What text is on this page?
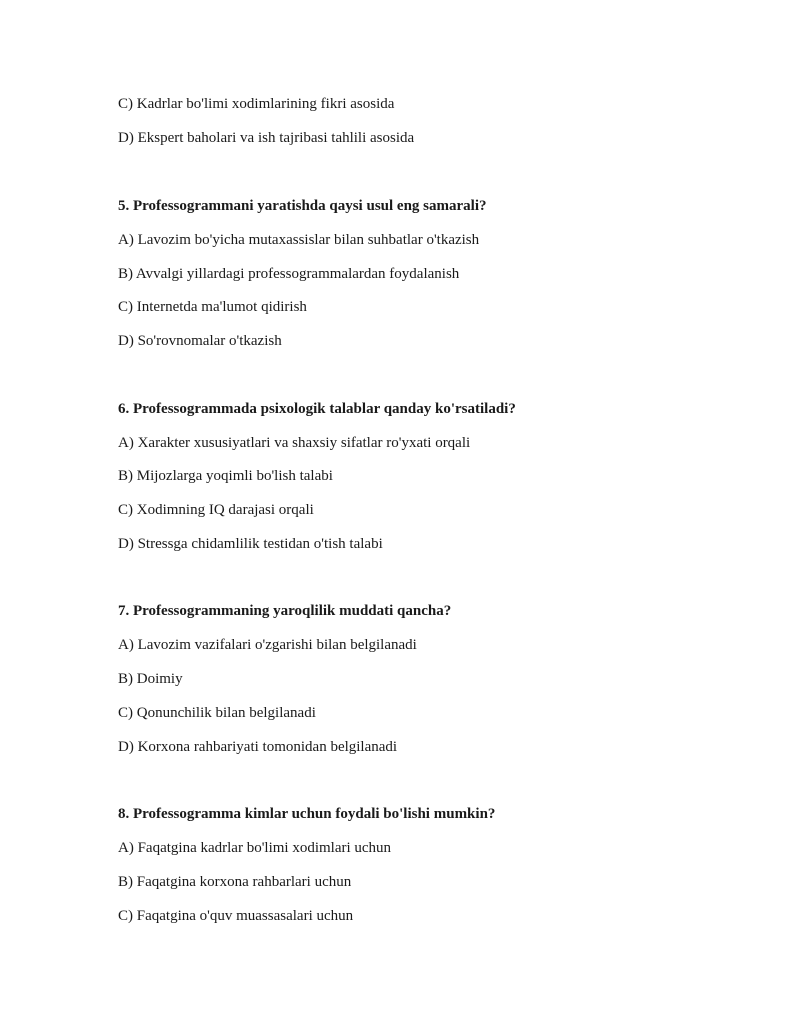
C) Kadrlar bo'limi xodimlarining fikri asosida
D) Ekspert baholari va ish tajribasi tahlili asosida
5. Professogrammani yaratishda qaysi usul eng samarali?
A) Lavozim bo'yicha mutaxassislar bilan suhbatlar o'tkazish
B) Avvalgi yillardagi professogrammalardan foydalanish
C) Internetda ma'lumot qidirish
D) So'rovnomalar o'tkazish
6. Professogrammada psixologik talablar qanday ko'rsatiladi?
A) Xarakter xususiyatlari va shaxsiy sifatlar ro'yxati orqali
B) Mijozlarga yoqimli bo'lish talabi
C) Xodimning IQ darajasi orqali
D) Stressga chidamlilik testidan o'tish talabi
7. Professogrammaning yaroqlilik muddati qancha?
A) Lavozim vazifalari o'zgarishi bilan belgilanadi
B) Doimiy
C) Qonunchilik bilan belgilanadi
D) Korxona rahbariyati tomonidan belgilanadi
8. Professogramma kimlar uchun foydali bo'lishi mumkin?
A) Faqatgina kadrlar bo'limi xodimlari uchun
B) Faqatgina korxona rahbarlari uchun
C) Faqatgina o'quv muassasalari uchun
